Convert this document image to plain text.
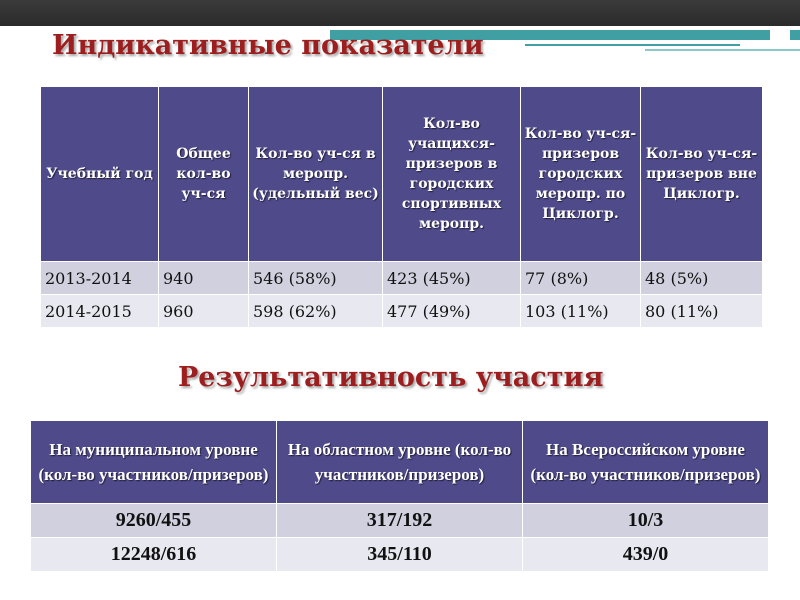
Индикативные показатели
Учебный год	Общее кол-во уч-ся	Кол-во уч-ся в меропр. (удельный вес)	Кол-во учащихся-призеров в городских спортивных меропр.	Кол-во уч-ся-призеров городских меропр. по Циклогр.	Кол-во уч-ся-призеров вне Циклогр.
2013-2014	940	546 (58%)	423 (45%)	77 (8%)	48 (5%)
2014-2015	960	598 (62%)	477 (49%)	103 (11%)	80 (11%)
Результативность участия
На муниципальном уровне (кол-во участников/призеров)	На областном уровне (кол-во участников/призеров)	На Всероссийском уровне (кол-во участников/призеров)
9260/455	317/192	10/3
12248/616	345/110	439/0
